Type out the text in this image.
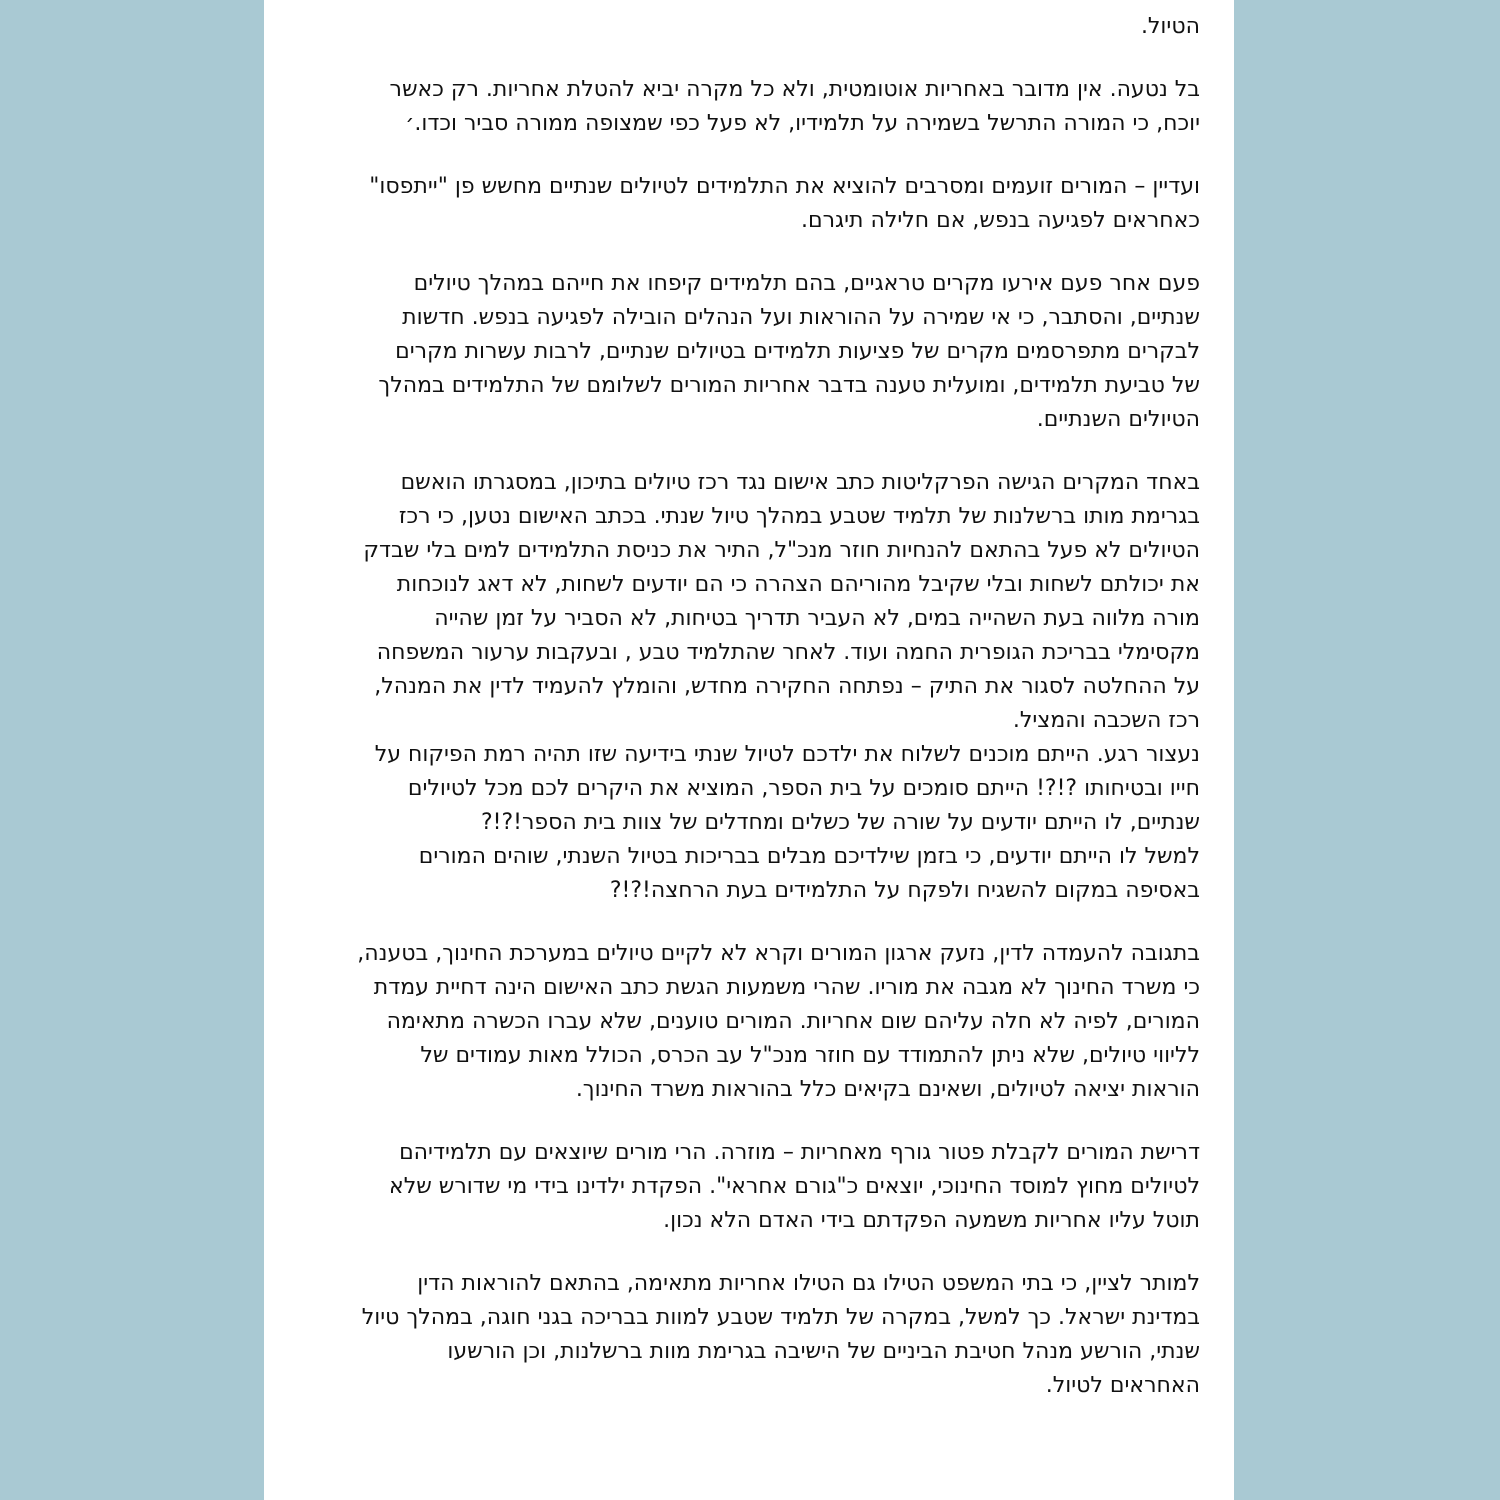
הטיול.
בל נטעה. אין מדובר באחריות אוטומטית, ולא כל מקרה יביא להטלת אחריות. רק כאשר
יוכח, כי המורה התרשל בשמירה על תלמידיו, לא פעל כפי שמצופה ממורה סביר וכדו.׳
ועדיין – המורים זועמים ומסרבים להוציא את התלמידים לטיולים שנתיים מחשש פן "ייתפסו"
כאחראים לפגיעה בנפש, אם חלילה תיגרם.
פעם אחר פעם אירעו מקרים טראגיים, בהם תלמידים קיפחו את חייהם במהלך טיולים
שנתיים, והסתבר, כי אי שמירה על ההוראות ועל הנהלים הובילה לפגיעה בנפש. חדשות
לבקרים מתפרסמים מקרים של פציעות תלמידים בטיולים שנתיים, לרבות עשרות מקרים
של טביעת תלמידים, ומועלית טענה בדבר אחריות המורים לשלומם של התלמידים במהלך
הטיולים השנתיים.
באחד המקרים הגישה הפרקליטות כתב אישום נגד רכז טיולים בתיכון, במסגרתו הואשם
בגרימת מותו ברשלנות של תלמיד שטבע במהלך טיול שנתי. בכתב האישום נטען, כי רכז
הטיולים לא פעל בהתאם להנחיות חוזר מנכ"ל, התיר את כניסת התלמידים למים בלי שבדק
את יכולתם לשחות ובלי שקיבל מהוריהם הצהרה כי הם יודעים לשחות, לא דאג לנוכחות
מורה מלווה בעת השהייה במים, לא העביר תדריך בטיחות, לא הסביר על זמן שהייה
מקסימלי בבריכת הגופרית החמה ועוד. לאחר שהתלמיד טבע , ובעקבות ערעור המשפחה
על ההחלטה לסגור את התיק – נפתחה החקירה מחדש, והומלץ להעמיד לדין את המנהל,
רכז השכבה והמציל.
נעצור רגע. הייתם מוכנים לשלוח את ילדכם לטיול שנתי בידיעה שזו תהיה רמת הפיקוח על
חייו ובטיחותו ?!?! הייתם סומכים על בית הספר, המוציא את היקרים לכם מכל לטיולים
שנתיים, לו הייתם יודעים על שורה של כשלים ומחדלים של צוות בית הספר!?!?
למשל לו הייתם יודעים, כי בזמן שילדיכם מבלים בבריכות בטיול השנתי, שוהים המורים
באסיפה במקום להשגיח ולפקח על התלמידים בעת הרחצה!?!?
בתגובה להעמדה לדין, נזעק ארגון המורים וקרא לא לקיים טיולים במערכת החינוך, בטענה,
כי משרד החינוך לא מגבה את מוריו. שהרי משמעות הגשת כתב האישום הינה דחיית עמדת
המורים, לפיה לא חלה עליהם שום אחריות. המורים טוענים, שלא עברו הכשרה מתאימה
לליווי טיולים, שלא ניתן להתמודד עם חוזר מנכ"ל עב הכרס, הכולל מאות עמודים של
הוראות יציאה לטיולים, ושאינם בקיאים כלל בהוראות משרד החינוך.
דרישת המורים לקבלת פטור גורף מאחריות – מוזרה. הרי מורים שיוצאים עם תלמידיהם
לטיולים מחוץ למוסד החינוכי, יוצאים כ"גורם אחראי". הפקדת ילדינו בידי מי שדורש שלא
תוטל עליו אחריות משמעה הפקדתם בידי האדם הלא נכון.
למותר לציין, כי בתי המשפט הטילו גם הטילו אחריות מתאימה, בהתאם להוראות הדין
במדינת ישראל. כך למשל, במקרה של תלמיד שטבע למוות בבריכה בגני חוגה, במהלך טיול
שנתי, הורשע מנהל חטיבת הביניים של הישיבה בגרימת מוות ברשלנות, וכן הורשעו
האחראים לטיול.
